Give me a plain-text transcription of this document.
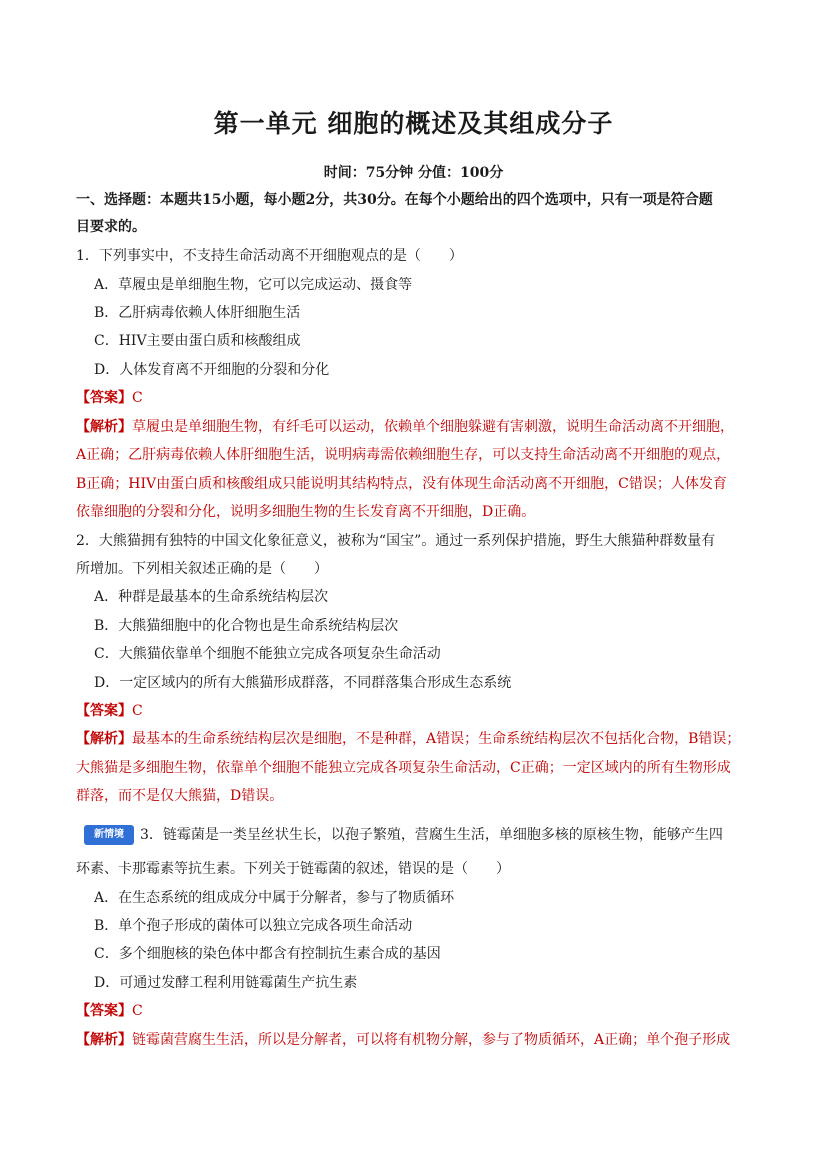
第一单元 细胞的概述及其组成分子
时间：75分钟 分值：100分
一、选择题：本题共15小题，每小题2分，共30分。在每个小题给出的四个选项中，只有一项是符合题
目要求的。
1．下列事实中，不支持生命活动离不开细胞观点的是（　　）
A．草履虫是单细胞生物，它可以完成运动、摄食等
B．乙肝病毒依赖人体肝细胞生活
C．HIV主要由蛋白质和核酸组成
D．人体发育离不开细胞的分裂和分化
【答案】C
【解析】草履虫是单细胞生物，有纤毛可以运动，依赖单个细胞躲避有害刺激，说明生命活动离不开细胞，
A正确；乙肝病毒依赖人体肝细胞生活，说明病毒需依赖细胞生存，可以支持生命活动离不开细胞的观点，
B正确；HIV由蛋白质和核酸组成只能说明其结构特点，没有体现生命活动离不开细胞，C错误；人体发育
依靠细胞的分裂和分化，说明多细胞生物的生长发育离不开细胞，D正确。
2．大熊猫拥有独特的中国文化象征意义，被称为“国宝”。通过一系列保护措施，野生大熊猫种群数量有
所增加。下列相关叙述正确的是（　　）
A．种群是最基本的生命系统结构层次
B．大熊猫细胞中的化合物也是生命系统结构层次
C．大熊猫依靠单个细胞不能独立完成各项复杂生命活动
D．一定区域内的所有大熊猫形成群落，不同群落集合形成生态系统
【答案】C
【解析】最基本的生命系统结构层次是细胞，不是种群，A错误；生命系统结构层次不包括化合物，B错误；
大熊猫是多细胞生物，依靠单个细胞不能独立完成各项复杂生命活动，C正确；一定区域内的所有生物形成
群落，而不是仅大熊猫，D错误。
新情境	3．链霉菌是一类呈丝状生长，以孢子繁殖，营腐生生活，单细胞多核的原核生物，能够产生四
环素、卡那霉素等抗生素。下列关于链霉菌的叙述，错误的是（　　）
A．在生态系统的组成成分中属于分解者，参与了物质循环
B．单个孢子形成的菌体可以独立完成各项生命活动
C．多个细胞核的染色体中都含有控制抗生素合成的基因
D．可通过发酵工程利用链霉菌生产抗生素
【答案】C
【解析】链霉菌营腐生生活，所以是分解者，可以将有机物分解，参与了物质循环，A正确；单个孢子形成
